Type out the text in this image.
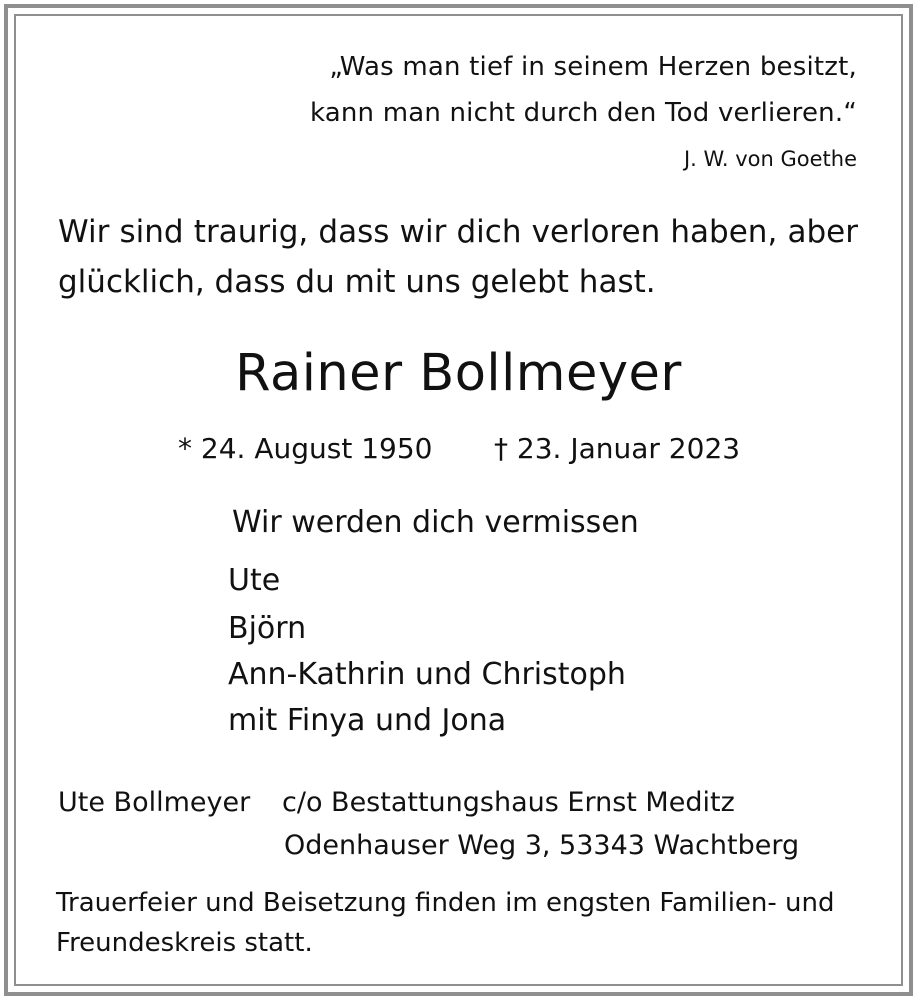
„Was man tief in seinem Herzen besitzt,
kann man nicht durch den Tod verlieren.“
J. W. von Goethe
Wir sind traurig, dass wir dich verloren haben, aber
glücklich, dass du mit uns gelebt hast.
Rainer Bollmeyer
* 24. August 1950 † 23. Januar 2023
Wir werden dich vermissen
Ute
Björn
Ann-Kathrin und Christoph
mit Finya und Jona
Ute Bollmeyer c/o Bestattungshaus Ernst Meditz
Odenhauser Weg 3, 53343 Wachtberg
Trauerfeier und Beisetzung finden im engsten Familien- und
Freundeskreis statt.
